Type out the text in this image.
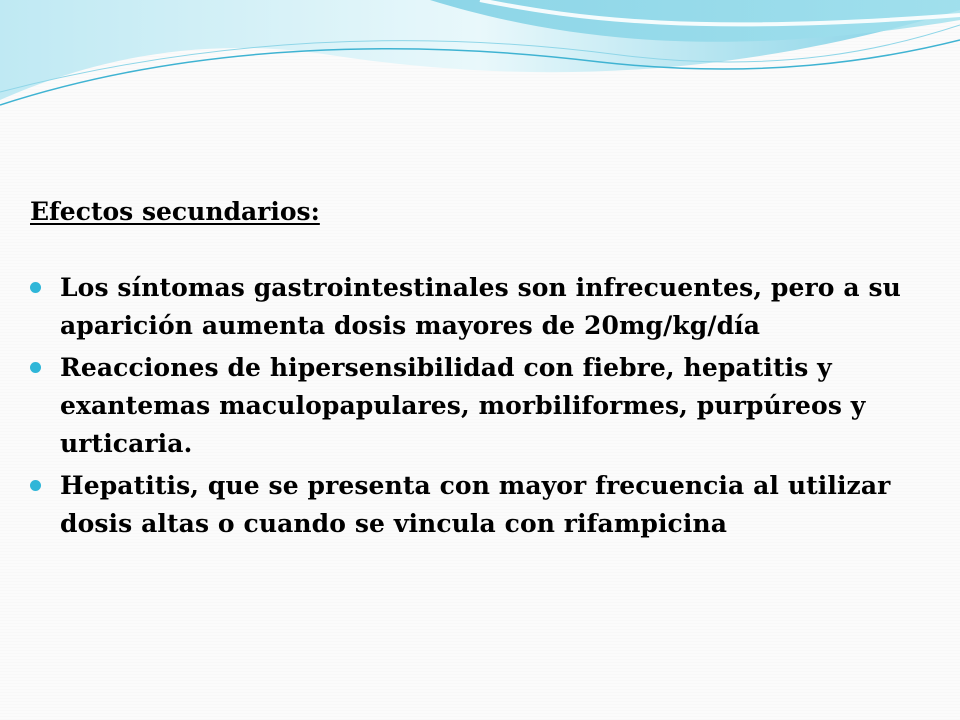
Efectos secundarios:
Los síntomas gastrointestinales son infrecuentes, pero a su aparición aumenta dosis mayores de 20mg/kg/día
Reacciones de hipersensibilidad con fiebre, hepatitis y exantemas maculopapulares, morbiliformes, purpúreos y urticaria.
Hepatitis, que se presenta con mayor frecuencia al utilizar dosis altas o cuando se vincula con rifampicina
